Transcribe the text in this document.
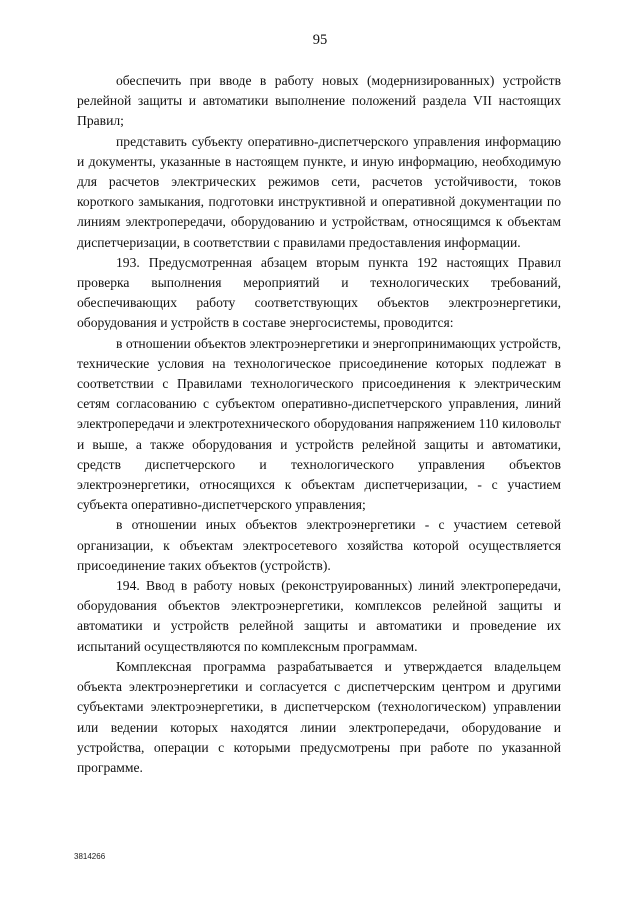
95

обеспечить при вводе в работу новых (модернизированных) устройств релейной защиты и автоматики выполнение положений раздела VII настоящих Правил;

представить субъекту оперативно-диспетчерского управления информацию и документы, указанные в настоящем пункте, и иную информацию, необходимую для расчетов электрических режимов сети, расчетов устойчивости, токов короткого замыкания, подготовки инструктивной и оперативной документации по линиям электропередачи, оборудованию и устройствам, относящимся к объектам диспетчеризации, в соответствии с правилами предоставления информации.

193. Предусмотренная абзацем вторым пункта 192 настоящих Правил проверка выполнения мероприятий и технологических требований, обеспечивающих работу соответствующих объектов электроэнергетики, оборудования и устройств в составе энергосистемы, проводится:

в отношении объектов электроэнергетики и энергопринимающих устройств, технические условия на технологическое присоединение которых подлежат в соответствии с Правилами технологического присоединения к электрическим сетям согласованию с субъектом оперативно-диспетчерского управления, линий электропередачи и электротехнического оборудования напряжением 110 киловольт и выше, а также оборудования и устройств релейной защиты и автоматики, средств диспетчерского и технологического управления объектов электроэнергетики, относящихся к объектам диспетчеризации, - с участием субъекта оперативно-диспетчерского управления;

в отношении иных объектов электроэнергетики - с участием сетевой организации, к объектам электросетевого хозяйства которой осуществляется присоединение таких объектов (устройств).

194. Ввод в работу новых (реконструированных) линий электропередачи, оборудования объектов электроэнергетики, комплексов релейной защиты и автоматики и устройств релейной защиты и автоматики и проведение их испытаний осуществляются по комплексным программам.

Комплексная программа разрабатывается и утверждается владельцем объекта электроэнергетики и согласуется с диспетчерским центром и другими субъектами электроэнергетики, в диспетчерском (технологическом) управлении или ведении которых находятся линии электропередачи, оборудование и устройства, операции с которыми предусмотрены при работе по указанной программе.

3814266
